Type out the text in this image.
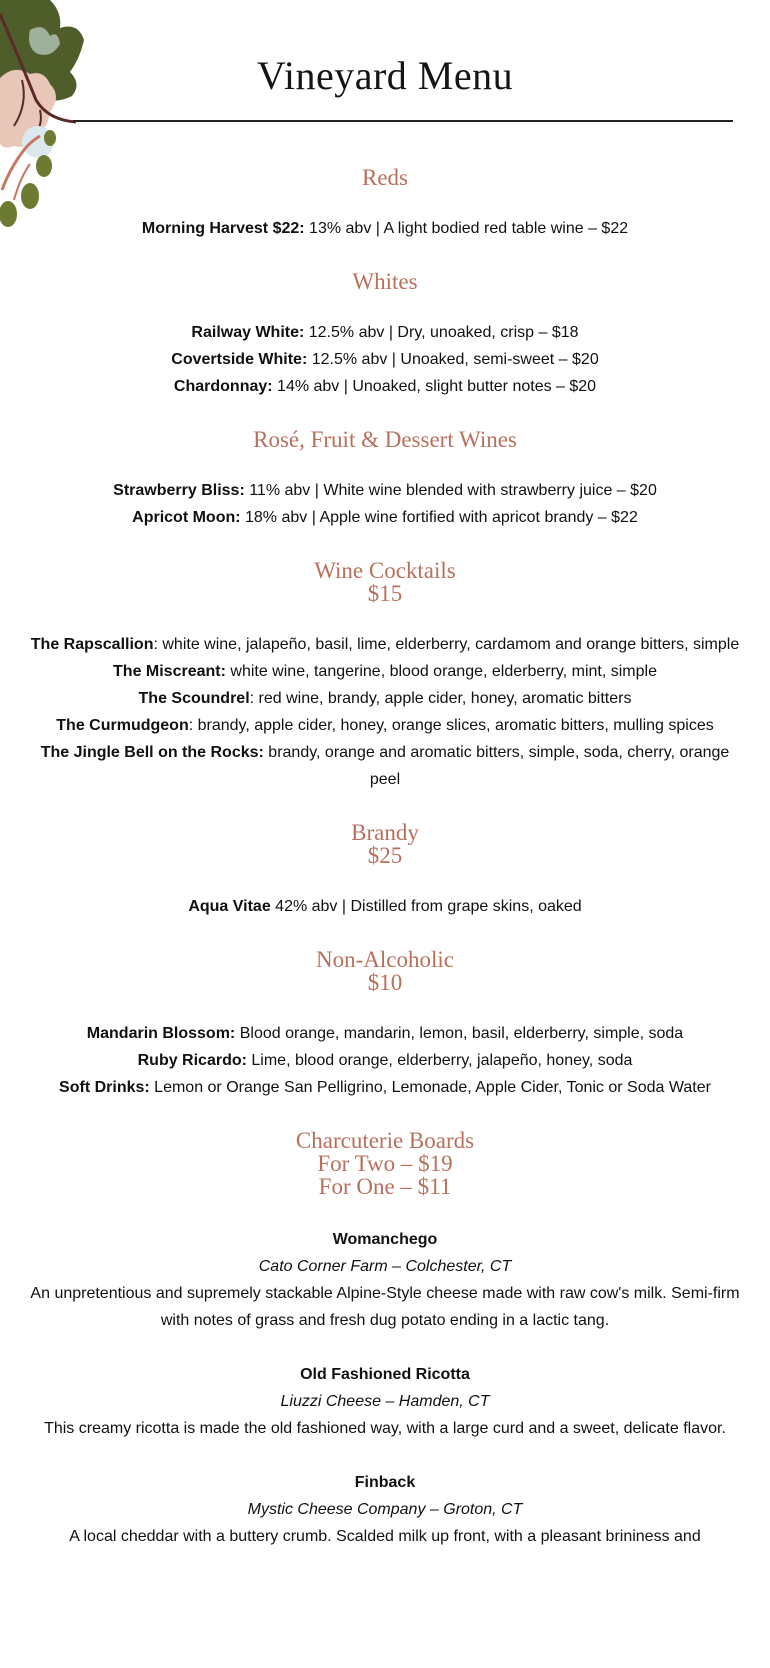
Vineyard Menu
Reds

Morning Harvest $22: 13% abv | A light bodied red table wine – $22

Whites

Railway White: 12.5% abv | Dry, unoaked, crisp – $18

Covertside White: 12.5% abv | Unoaked, semi-sweet – $20

Chardonnay: 14% abv | Unoaked, slight butter notes – $20

Rosé, Fruit & Dessert Wines

Strawberry Bliss: 11% abv | White wine blended with strawberry juice – $20

Apricot Moon: 18% abv | Apple wine fortified with apricot brandy – $22

Wine Cocktails
$15

The Rapscallion: white wine, jalapeño, basil, lime, elderberry, cardamom and orange bitters, simple

The Miscreant: white wine, tangerine, blood orange, elderberry, mint, simple

The Scoundrel: red wine, brandy, apple cider, honey, aromatic bitters

The Curmudgeon: brandy, apple cider, honey, orange slices, aromatic bitters, mulling spices

The Jingle Bell on the Rocks: brandy, orange and aromatic bitters, simple, soda, cherry, orange peel

Brandy
$25

Aqua Vitae 42% abv | Distilled from grape skins, oaked

Non-Alcoholic
$10

Mandarin Blossom: Blood orange, mandarin, lemon, basil, elderberry, simple, soda

Ruby Ricardo: Lime, blood orange, elderberry, jalapeño, honey, soda

Soft Drinks: Lemon or Orange San Pelligrino, Lemonade, Apple Cider, Tonic or Soda Water

Charcuterie Boards
For Two – $19
For One – $11

Womanchego

Cato Corner Farm – Colchester, CT

An unpretentious and supremely stackable Alpine-Style cheese made with raw cow's milk. Semi-firm with notes of grass and fresh dug potato ending in a lactic tang.

Old Fashioned Ricotta

Liuzzi Cheese – Hamden, CT

This creamy ricotta is made the old fashioned way, with a large curd and a sweet, delicate flavor.

Finback

Mystic Cheese Company – Groton, CT

A local cheddar with a buttery crumb. Scalded milk up front, with a pleasant brininess and
